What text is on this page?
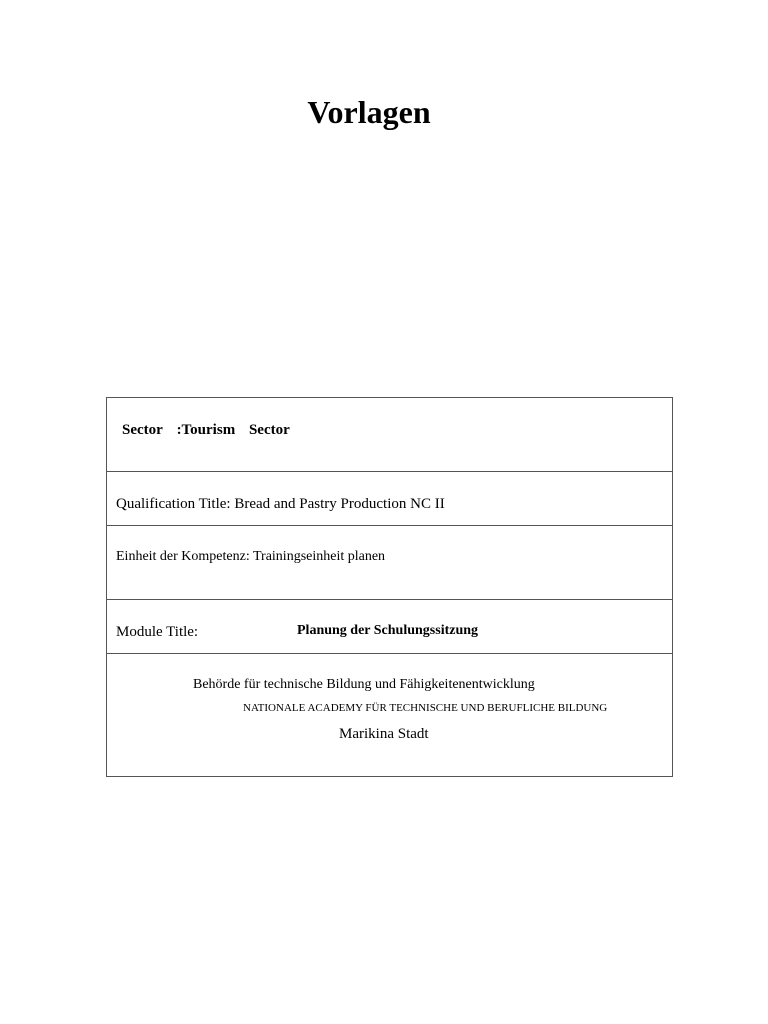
Vorlagen
Sector :Tourism Sector
Qualification Title: Bread and Pastry Production NC II
Einheit der Kompetenz: Trainingseinheit planen
Module Title:	Planung der Schulungssitzung
Behörde für technische Bildung und Fähigkeitenentwicklung
NATIONALE ACADEMY FÜR TECHNISCHE UND BERUFLICHE BILDUNG
Marikina Stadt
